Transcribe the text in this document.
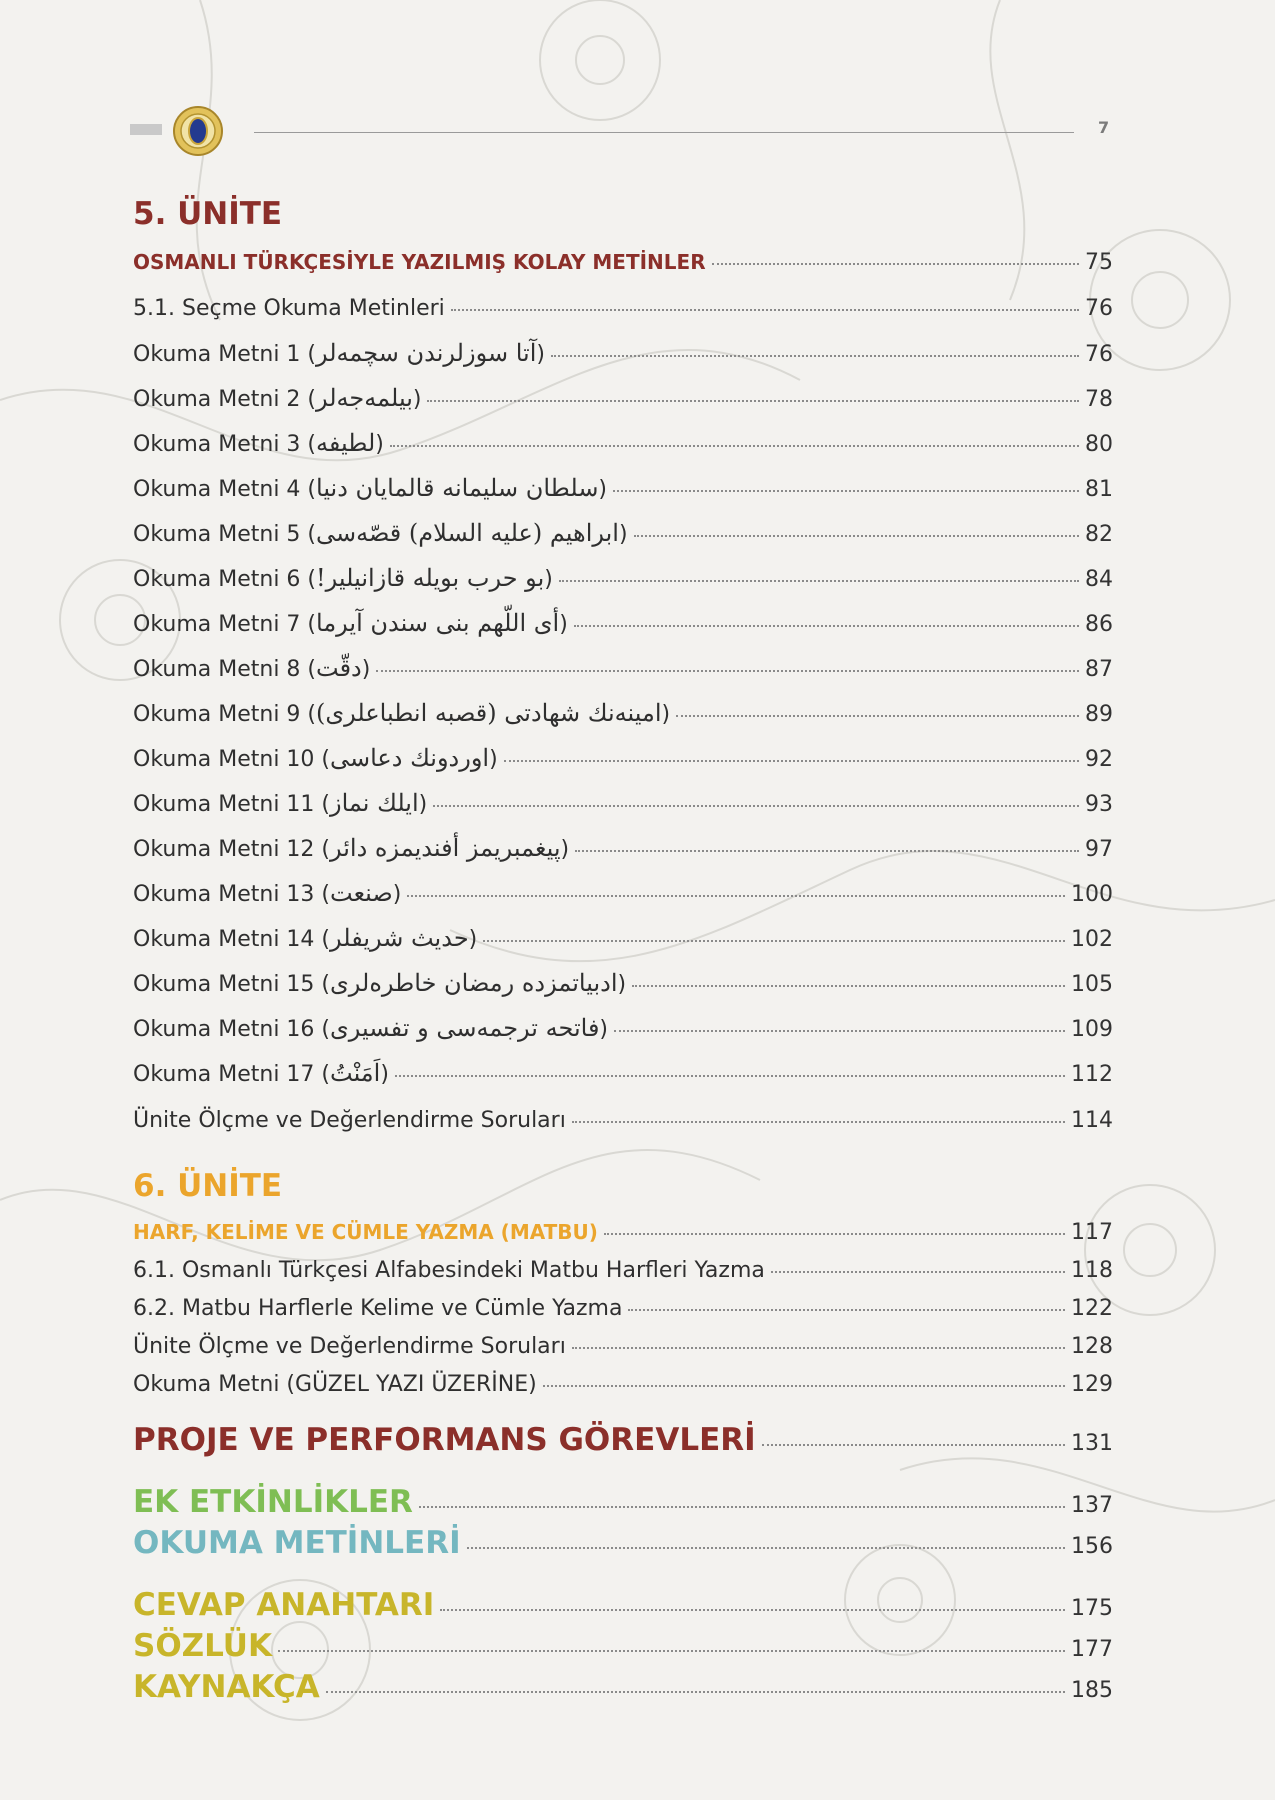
7
5. ÜNİTE
OSMANLI TÜRKÇESİYLE YAZILMIŞ KOLAY METİNLER	75
5.1. Seçme Okuma Metinleri	76
Okuma Metni 1 (آتا سوزلرندن سچمه‌لر)	76
Okuma Metni 2 (بیلمه‌جه‌لر)	78
Okuma Metni 3 (لطیفه)	80
Okuma Metni 4 (سلطان سلیمانه قالمایان دنیا)	81
Okuma Metni 5 (ابراهیم (علیه السلام) قصّه‌سی)	82
Okuma Metni 6 (بو حرب بویله قازانیلیر!)	84
Okuma Metni 7 (أی اللّهم بنی سندن آیرما)	86
Okuma Metni 8 (دقّت)	87
Okuma Metni 9 (امینه‌نك شهادتی (قصبه انطباعلری))	89
Okuma Metni 10 (اوردونك دعاسی)	92
Okuma Metni 11 (ایلك نماز)	93
Okuma Metni 12 (پیغمبریمز أفندیمزه دائر)	97
Okuma Metni 13 (صنعت)	100
Okuma Metni 14 (حدیث شریفلر)	102
Okuma Metni 15 (ادبیاتمزده رمضان خاطره‌لری)	105
Okuma Metni 16 (فاتحه ترجمه‌سی و تفسیری)	109
Okuma Metni 17 (اَمَنْتُ)	112
Ünite Ölçme ve Değerlendirme Soruları	114
6. ÜNİTE
HARF, KELİME VE CÜMLE YAZMA (MATBU)	117
6.1. Osmanlı Türkçesi Alfabesindeki Matbu Harfleri Yazma	118
6.2. Matbu Harflerle Kelime ve Cümle Yazma	122
Ünite Ölçme ve Değerlendirme Soruları	128
Okuma Metni (GÜZEL YAZI ÜZERİNE)	129
PROJE VE PERFORMANS GÖREVLERİ	131
EK ETKİNLİKLER	137
OKUMA METİNLERİ	156
CEVAP ANAHTARI	175
SÖZLÜK	177
KAYNAKÇA	185
